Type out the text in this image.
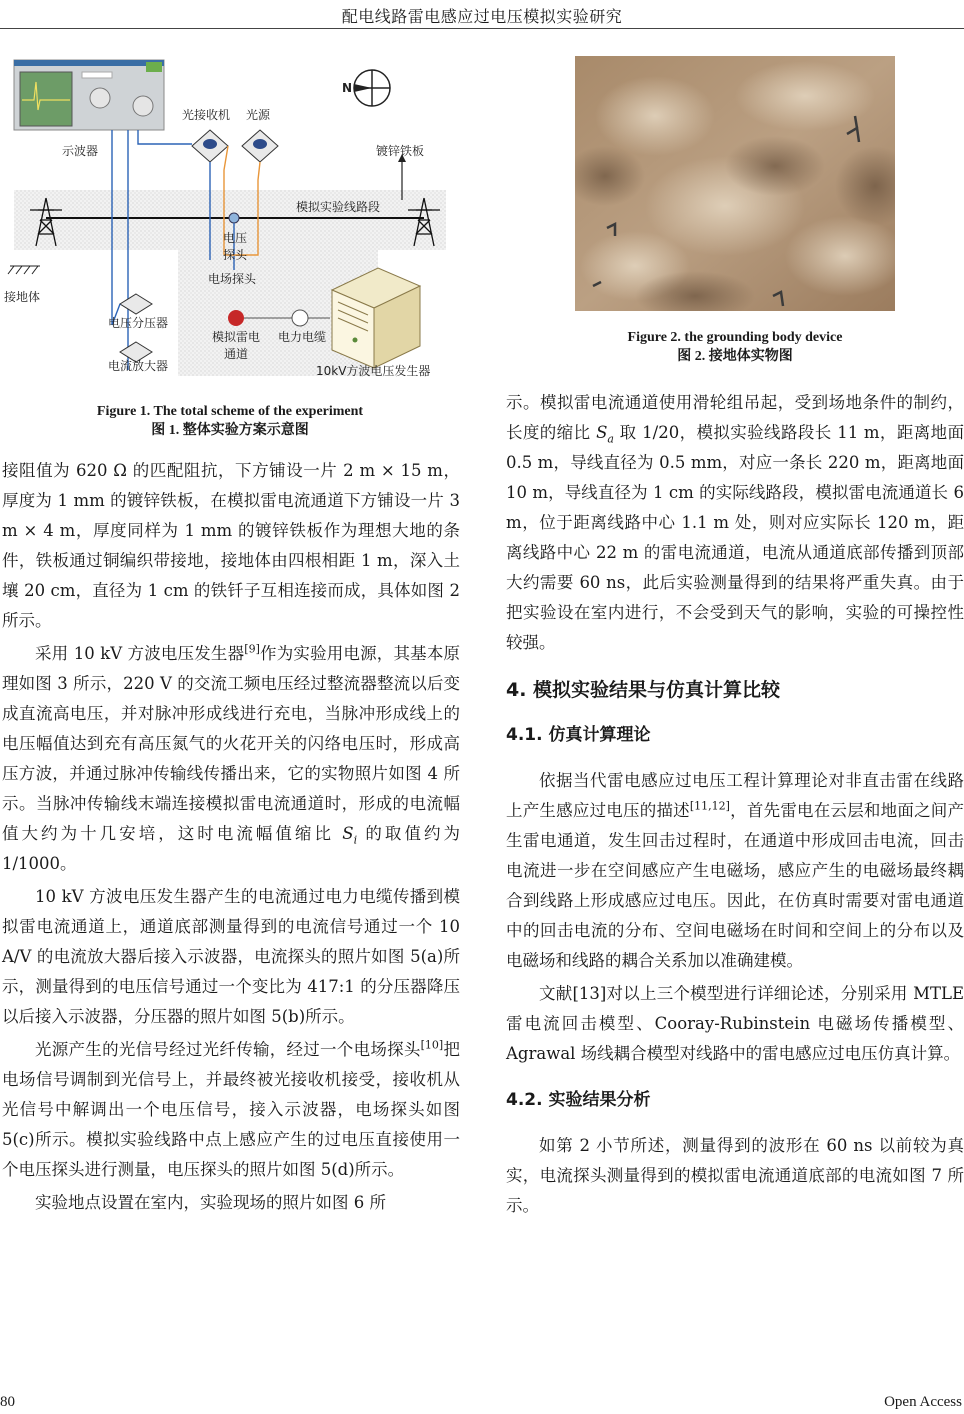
配电线路雷电感应过电压模拟实验研究
示波器
光接收机 光源
镀锌铁板
模拟实验线路段
电压
探头
接地体
电场探头
电压分压器
模拟雷电
通道
电力电缆
电流放大器	10kV方波电压发生器
N
Figure 1. The total scheme of the experiment
图 1. 整体实验方案示意图
Figure 2. the grounding body device
图 2. 接地体实物图

接阻值为 620 Ω 的匹配阻抗，下方铺设一片 2 m × 15 m，厚度为 1 mm 的镀锌铁板，在模拟雷电流通道下方铺设一片 3 m × 4 m，厚度同样为 1 mm 的镀锌铁板作为理想大地的条件，铁板通过铜编织带接地，接地体由四根相距 1 m，深入土壤 20 cm，直径为 1 cm 的铁钎子互相连接而成，具体如图 2 所示。

采用 10 kV 方波电压发生器[9]作为实验用电源，其基本原理如图 3 所示，220 V 的交流工频电压经过整流器整流以后变成直流高电压，并对脉冲形成线进行充电，当脉冲形成线上的电压幅值达到充有高压氮气的火花开关的闪络电压时，形成高压方波，并通过脉冲传输线传播出来，它的实物照片如图 4 所示。当脉冲传输线末端连接模拟雷电流通道时，形成的电流幅值大约为十几安培，这时电流幅值缩比 $S_i$ 的取值约为 1/1000。

10 kV 方波电压发生器产生的电流通过电力电缆传播到模拟雷电流通道上，通道底部测量得到的电流信号通过一个 10 A/V 的电流放大器后接入示波器，电流探头的照片如图 5(a)所示，测量得到的电压信号通过一个变比为 417:1 的分压器降压以后接入示波器，分压器的照片如图 5(b)所示。

光源产生的光信号经过光纤传输，经过一个电场探头[10]把电场信号调制到光信号上，并最终被光接收机接受，接收机从光信号中解调出一个电压信号，接入示波器，电场探头如图 5(c)所示。模拟实验线路中点上感应产生的过电压直接使用一个电压探头进行测量，电压探头的照片如图 5(d)所示。

实验地点设置在室内，实验现场的照片如图 6 所

示。模拟雷电流通道使用滑轮组吊起，受到场地条件的制约，长度的缩比 $S_a$ 取 1/20，模拟实验线路段长 11 m，距离地面 0.5 m，导线直径为 0.5 mm，对应一条长 220 m，距离地面 10 m，导线直径为 1 cm 的实际线路段，模拟雷电流通道长 6 m，位于距离线路中心 1.1 m 处，则对应实际长 120 m，距离线路中心 22 m 的雷电流通道，电流从通道底部传播到顶部大约需要 60 ns，此后实验测量得到的结果将严重失真。由于把实验设在室内进行，不会受到天气的影响，实验的可操控性较强。

4. 模拟实验结果与仿真计算比较
4.1. 仿真计算理论

依据当代雷电感应过电压工程计算理论对非直击雷在线路上产生感应过电压的描述[11,12]，首先雷电在云层和地面之间产生雷电通道，发生回击过程时，在通道中形成回击电流，回击电流进一步在空间感应产生电磁场，感应产生的电磁场最终耦合到线路上形成感应过电压。因此，在仿真时需要对雷电通道中的回击电流的分布、空间电磁场在时间和空间上的分布以及电磁场和线路的耦合关系加以准确建模。

文献[13]对以上三个模型进行详细论述，分别采用 MTLE 雷电流回击模型、Cooray-Rubinstein 电磁场传播模型、Agrawal 场线耦合模型对线路中的雷电感应过电压仿真计算。

4.2. 实验结果分析

如第 2 小节所述，测量得到的波形在 60 ns 以前较为真实，电流探头测量得到的模拟雷电流通道底部的电流如图 7 所示。

80	Open Access
